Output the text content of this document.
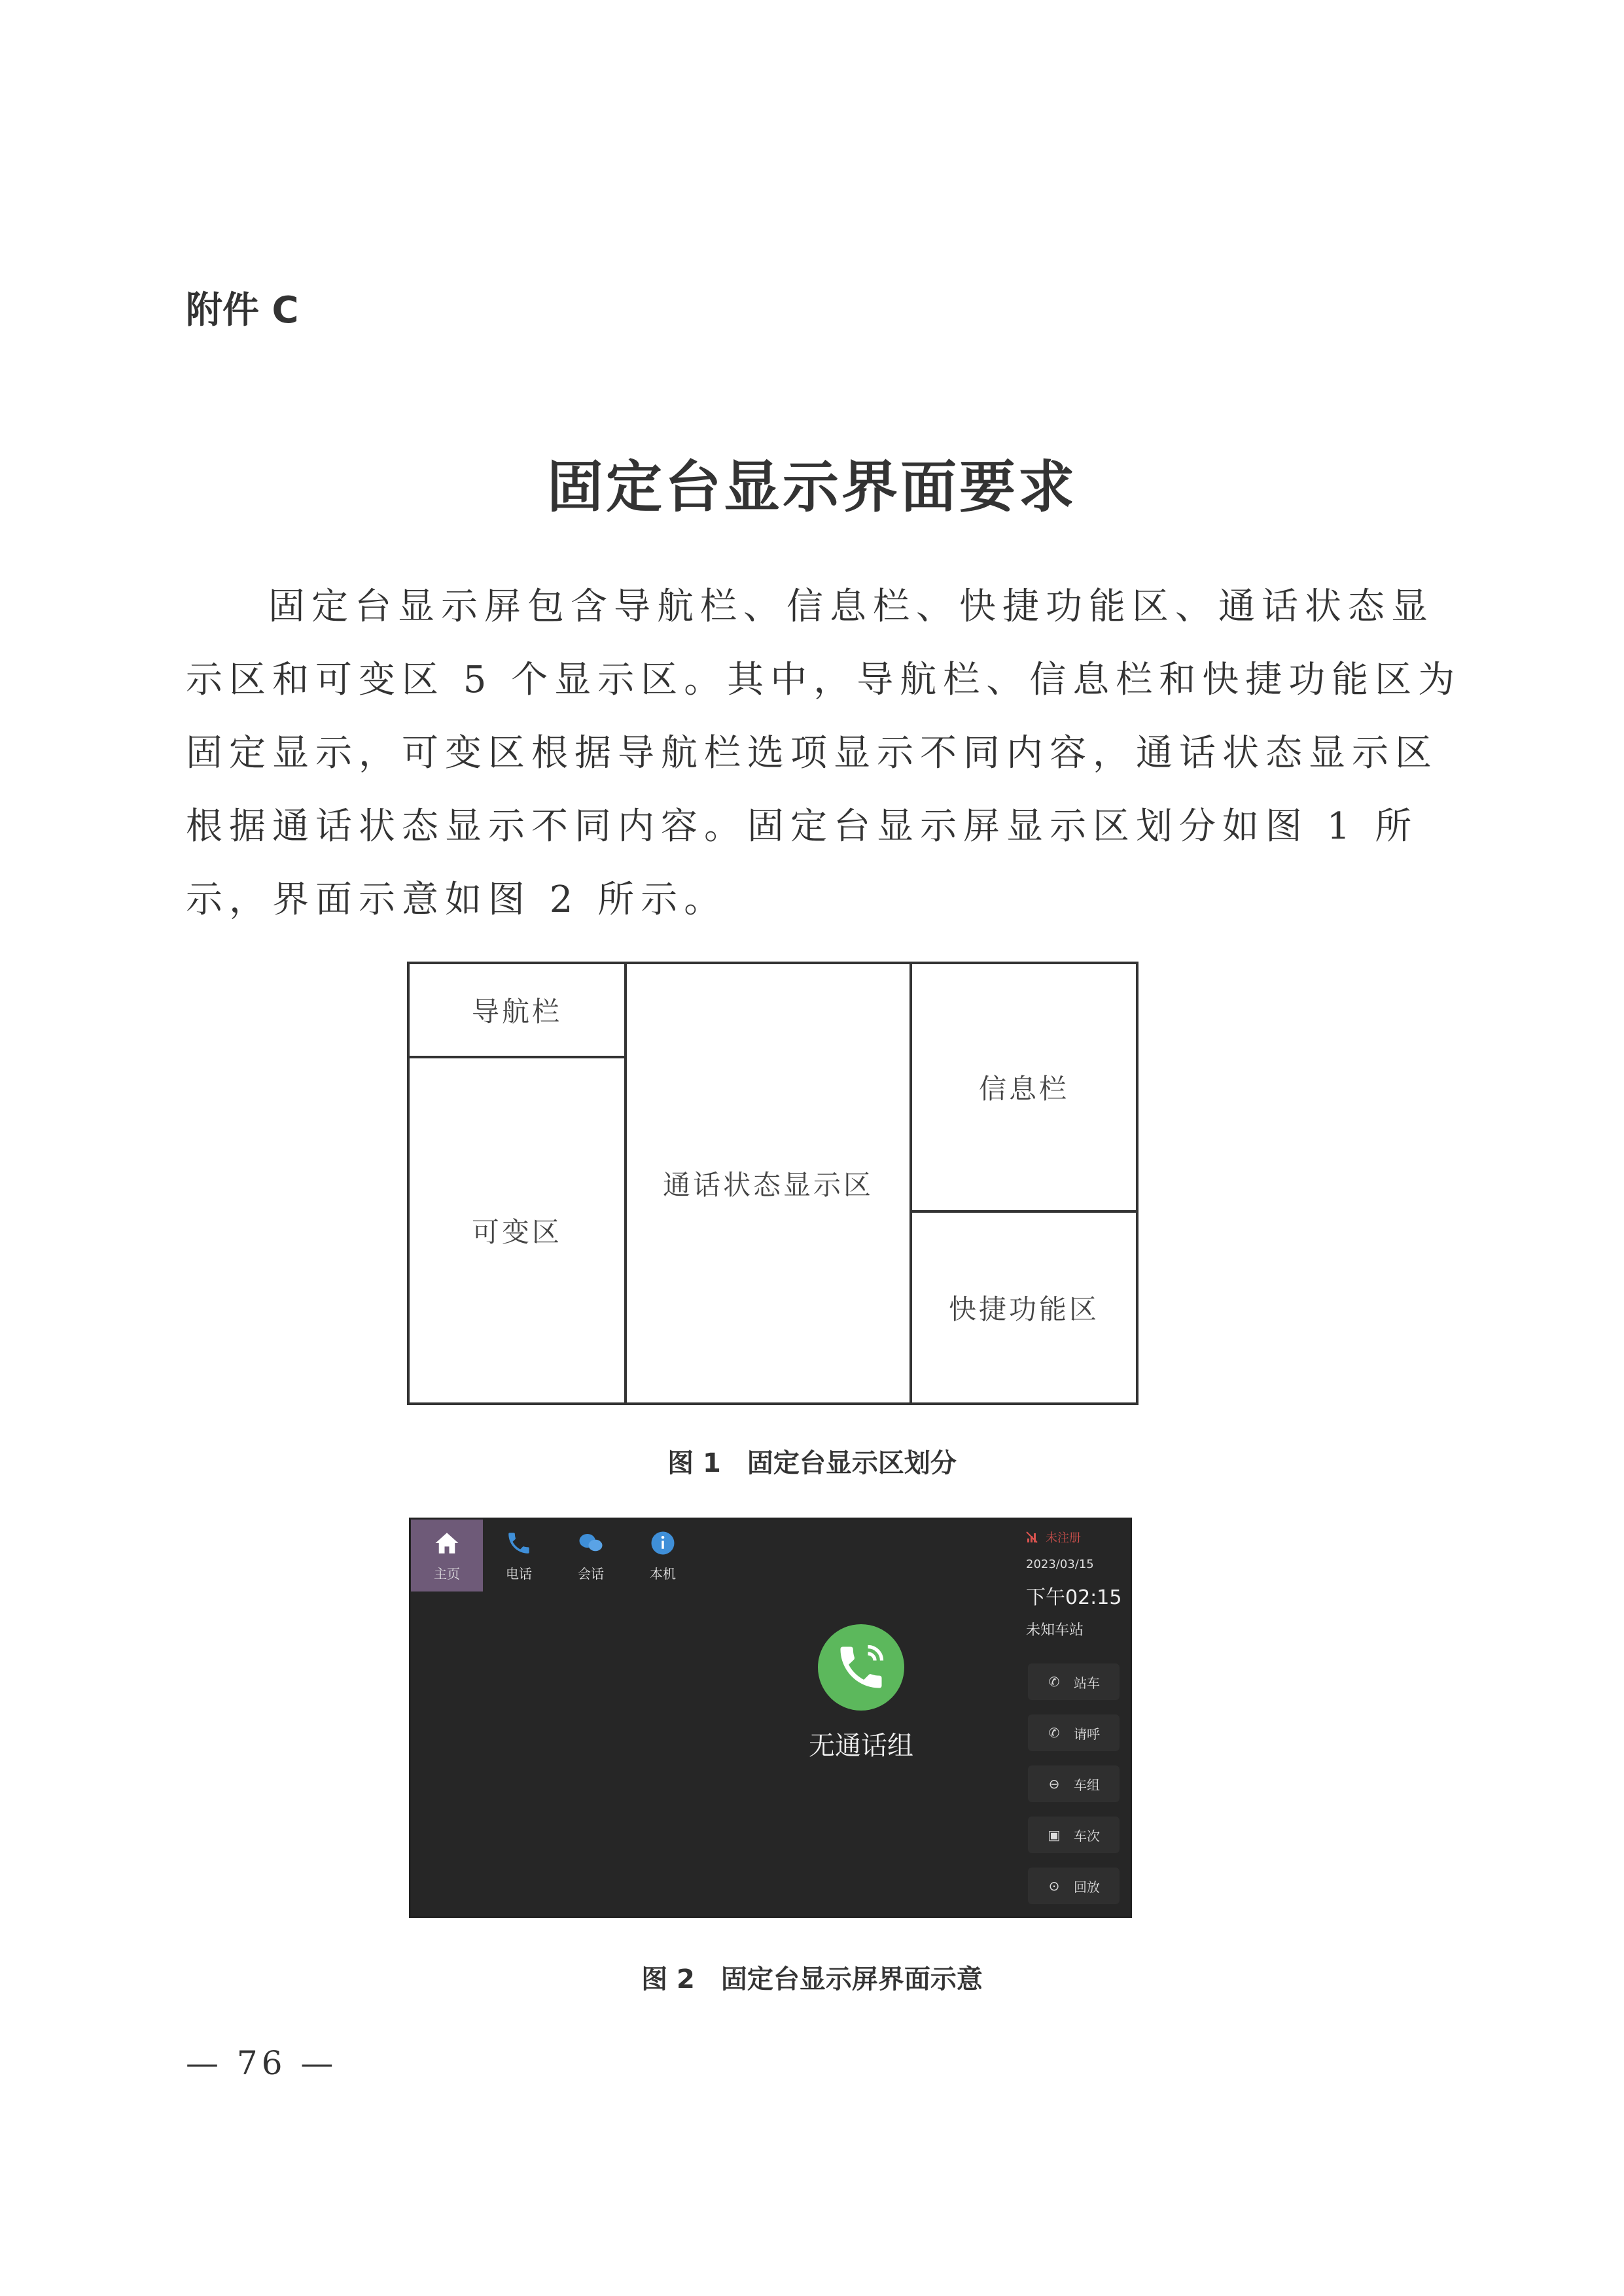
附件 C
固定台显示界面要求
固定台显示屏包含导航栏、信息栏、快捷功能区、通话状态显
示区和可变区 5 个显示区。其中，导航栏、信息栏和快捷功能区为
固定显示，可变区根据导航栏选项显示不同内容，通话状态显示区
根据通话状态显示不同内容。固定台显示屏显示区划分如图 1 所
示，界面示意如图 2 所示。
导航栏
可变区
通话状态显示区
信息栏
快捷功能区
图 1　固定台显示区划分
主页	电话	会话	本机
未注册
2023/03/15
下午02:15
未知车站
无通话组
✆ 站车
✆ 请呼
⊖ 车组
▣ 车次
⊙ 回放
图 2　固定台显示屏界面示意
— 76 —
